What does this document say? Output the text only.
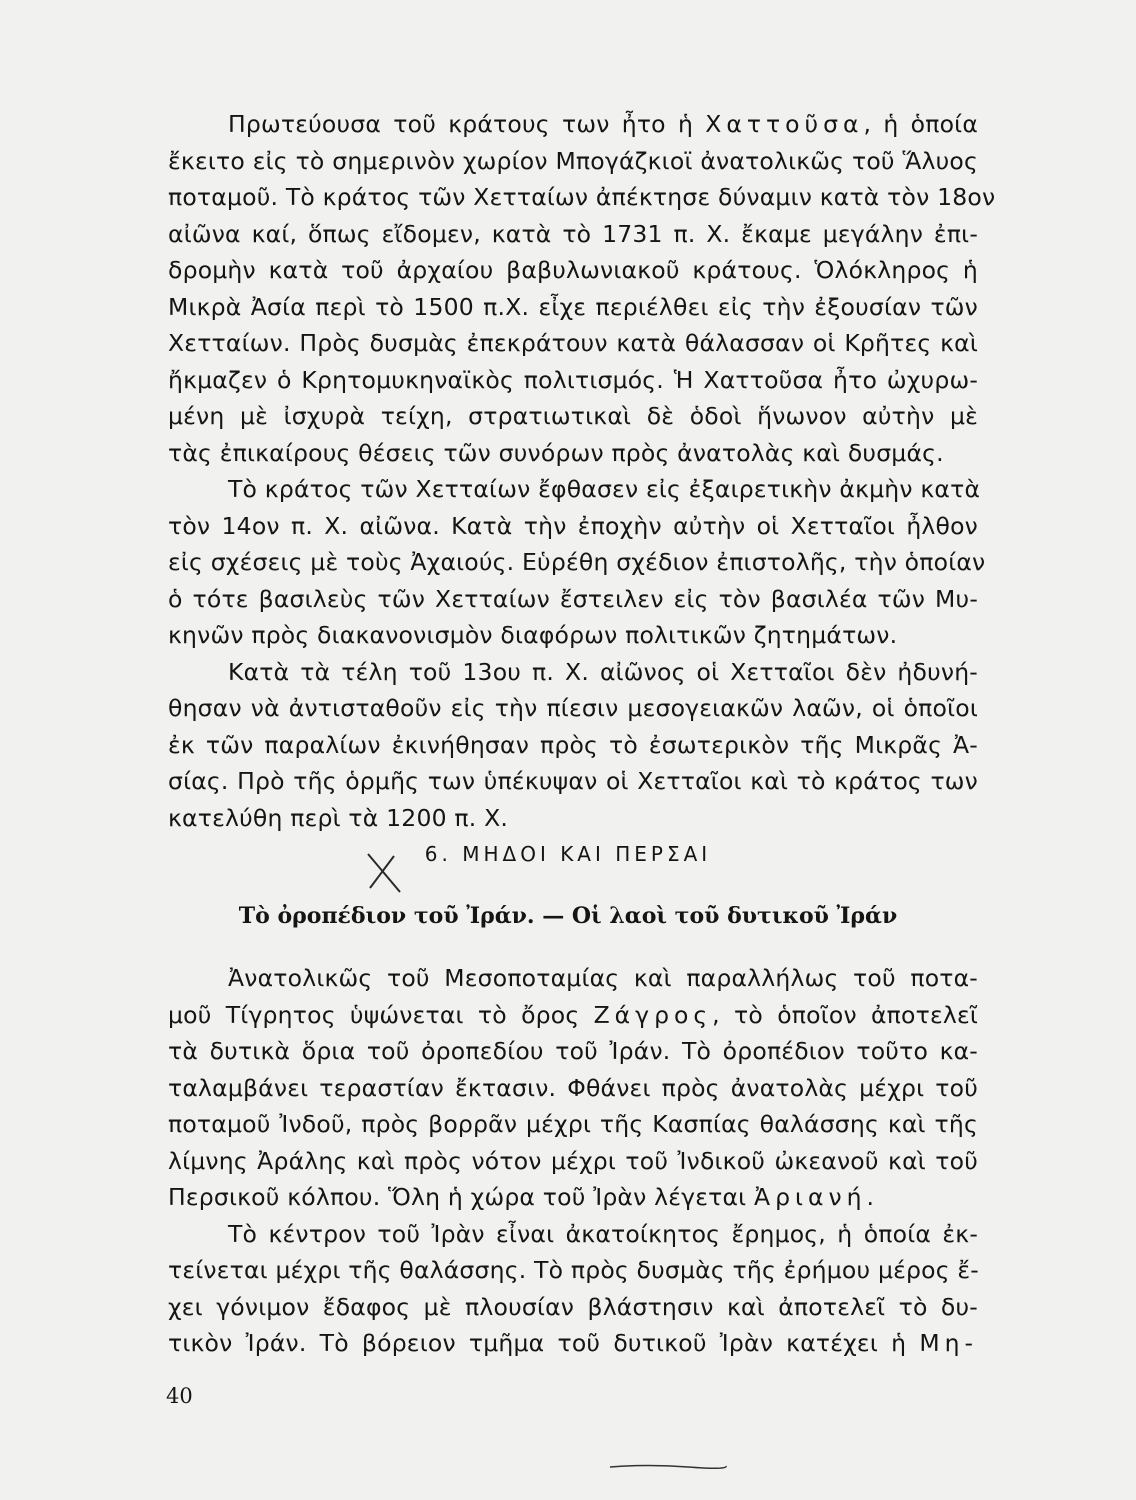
Πρωτεύουσα τοῦ κράτους των ἦτο ἡ Χαττοῦσα, ἡ ὁποία
ἔκειτο εἰς τὸ σημερινὸν χωρίον Μπογάζκιοϊ ἀνατολικῶς τοῦ Ἅλυος
ποταμοῦ. Τὸ κράτος τῶν Χετταίων ἀπέκτησε δύναμιν κατὰ τὸν 18ον
αἰῶνα καί, ὅπως εἴδομεν, κατὰ τὸ 1731 π. Χ. ἔκαμε μεγάλην ἐπι-
δρομὴν κατὰ τοῦ ἀρχαίου βαβυλωνιακοῦ κράτους. Ὁλόκληρος ἡ
Μικρὰ Ἀσία περὶ τὸ 1500 π.Χ. εἶχε περιέλθει εἰς τὴν ἐξουσίαν τῶν
Χετταίων. Πρὸς δυσμὰς ἐπεκράτουν κατὰ θάλασσαν οἱ Κρῆτες καὶ
ἤκμαζεν ὁ Κρητομυκηναϊκὸς πολιτισμός. Ἡ Χαττοῦσα ἦτο ὠχυρω-
μένη μὲ ἰσχυρὰ τείχη, στρατιωτικαὶ δὲ ὁδοὶ ἥνωνον αὐτὴν μὲ
τὰς ἐπικαίρους θέσεις τῶν συνόρων πρὸς ἀνατολὰς καὶ δυσμάς.
Τὸ κράτος τῶν Χετταίων ἔφθασεν εἰς ἐξαιρετικὴν ἀκμὴν κατὰ
τὸν 14ον π. Χ. αἰῶνα. Κατὰ τὴν ἐποχὴν αὐτὴν οἱ Χετταῖοι ἦλθον
εἰς σχέσεις μὲ τοὺς Ἀχαιούς. Εὑρέθη σχέδιον ἐπιστολῆς, τὴν ὁποίαν
ὁ τότε βασιλεὺς τῶν Χετταίων ἔστειλεν εἰς τὸν βασιλέα τῶν Μυ-
κηνῶν πρὸς διακανονισμὸν διαφόρων πολιτικῶν ζητημάτων.
Κατὰ τὰ τέλη τοῦ 13ου π. Χ. αἰῶνος οἱ Χετταῖοι δὲν ἠδυνή-
θησαν νὰ ἀντισταθοῦν εἰς τὴν πίεσιν μεσογειακῶν λαῶν, οἱ ὁποῖοι
ἐκ τῶν παραλίων ἐκινήθησαν πρὸς τὸ ἐσωτερικὸν τῆς Μικρᾶς Ἀ-
σίας. Πρὸ τῆς ὁρμῆς των ὑπέκυψαν οἱ Χετταῖοι καὶ τὸ κράτος των
κατελύθη περὶ τὰ 1200 π. Χ.
6. ΜΗΔΟΙ ΚΑΙ ΠΕΡΣΑΙ
Τὸ ὀροπέδιον τοῦ Ἰράν. — Οἱ λαοὶ τοῦ δυτικοῦ Ἰράν
Ἀνατολικῶς τοῦ Μεσοποταμίας καὶ παραλλήλως τοῦ ποτα-
μοῦ Τίγρητος ὑψώνεται τὸ ὄρος Ζάγρος, τὸ ὁποῖον ἀποτελεῖ
τὰ δυτικὰ ὅρια τοῦ ὀροπεδίου τοῦ Ἰράν. Τὸ ὀροπέδιον τοῦτο κα-
ταλαμβάνει τεραστίαν ἔκτασιν. Φθάνει πρὸς ἀνατολὰς μέχρι τοῦ
ποταμοῦ Ἰνδοῦ, πρὸς βορρᾶν μέχρι τῆς Κασπίας θαλάσσης καὶ τῆς
λίμνης Ἀράλης καὶ πρὸς νότον μέχρι τοῦ Ἰνδικοῦ ὠκεανοῦ καὶ τοῦ
Περσικοῦ κόλπου. Ὅλη ἡ χώρα τοῦ Ἰρὰν λέγεται Ἀριανή.
Τὸ κέντρον τοῦ Ἰρὰν εἶναι ἀκατοίκητος ἔρημος, ἡ ὁποία ἐκ-
τείνεται μέχρι τῆς θαλάσσης. Τὸ πρὸς δυσμὰς τῆς ἐρήμου μέρος ἔ-
χει γόνιμον ἔδαφος μὲ πλουσίαν βλάστησιν καὶ ἀποτελεῖ τὸ δυ-
τικὸν Ἰράν. Τὸ βόρειον τμῆμα τοῦ δυτικοῦ Ἰρὰν κατέχει ἡ Μη-
40
